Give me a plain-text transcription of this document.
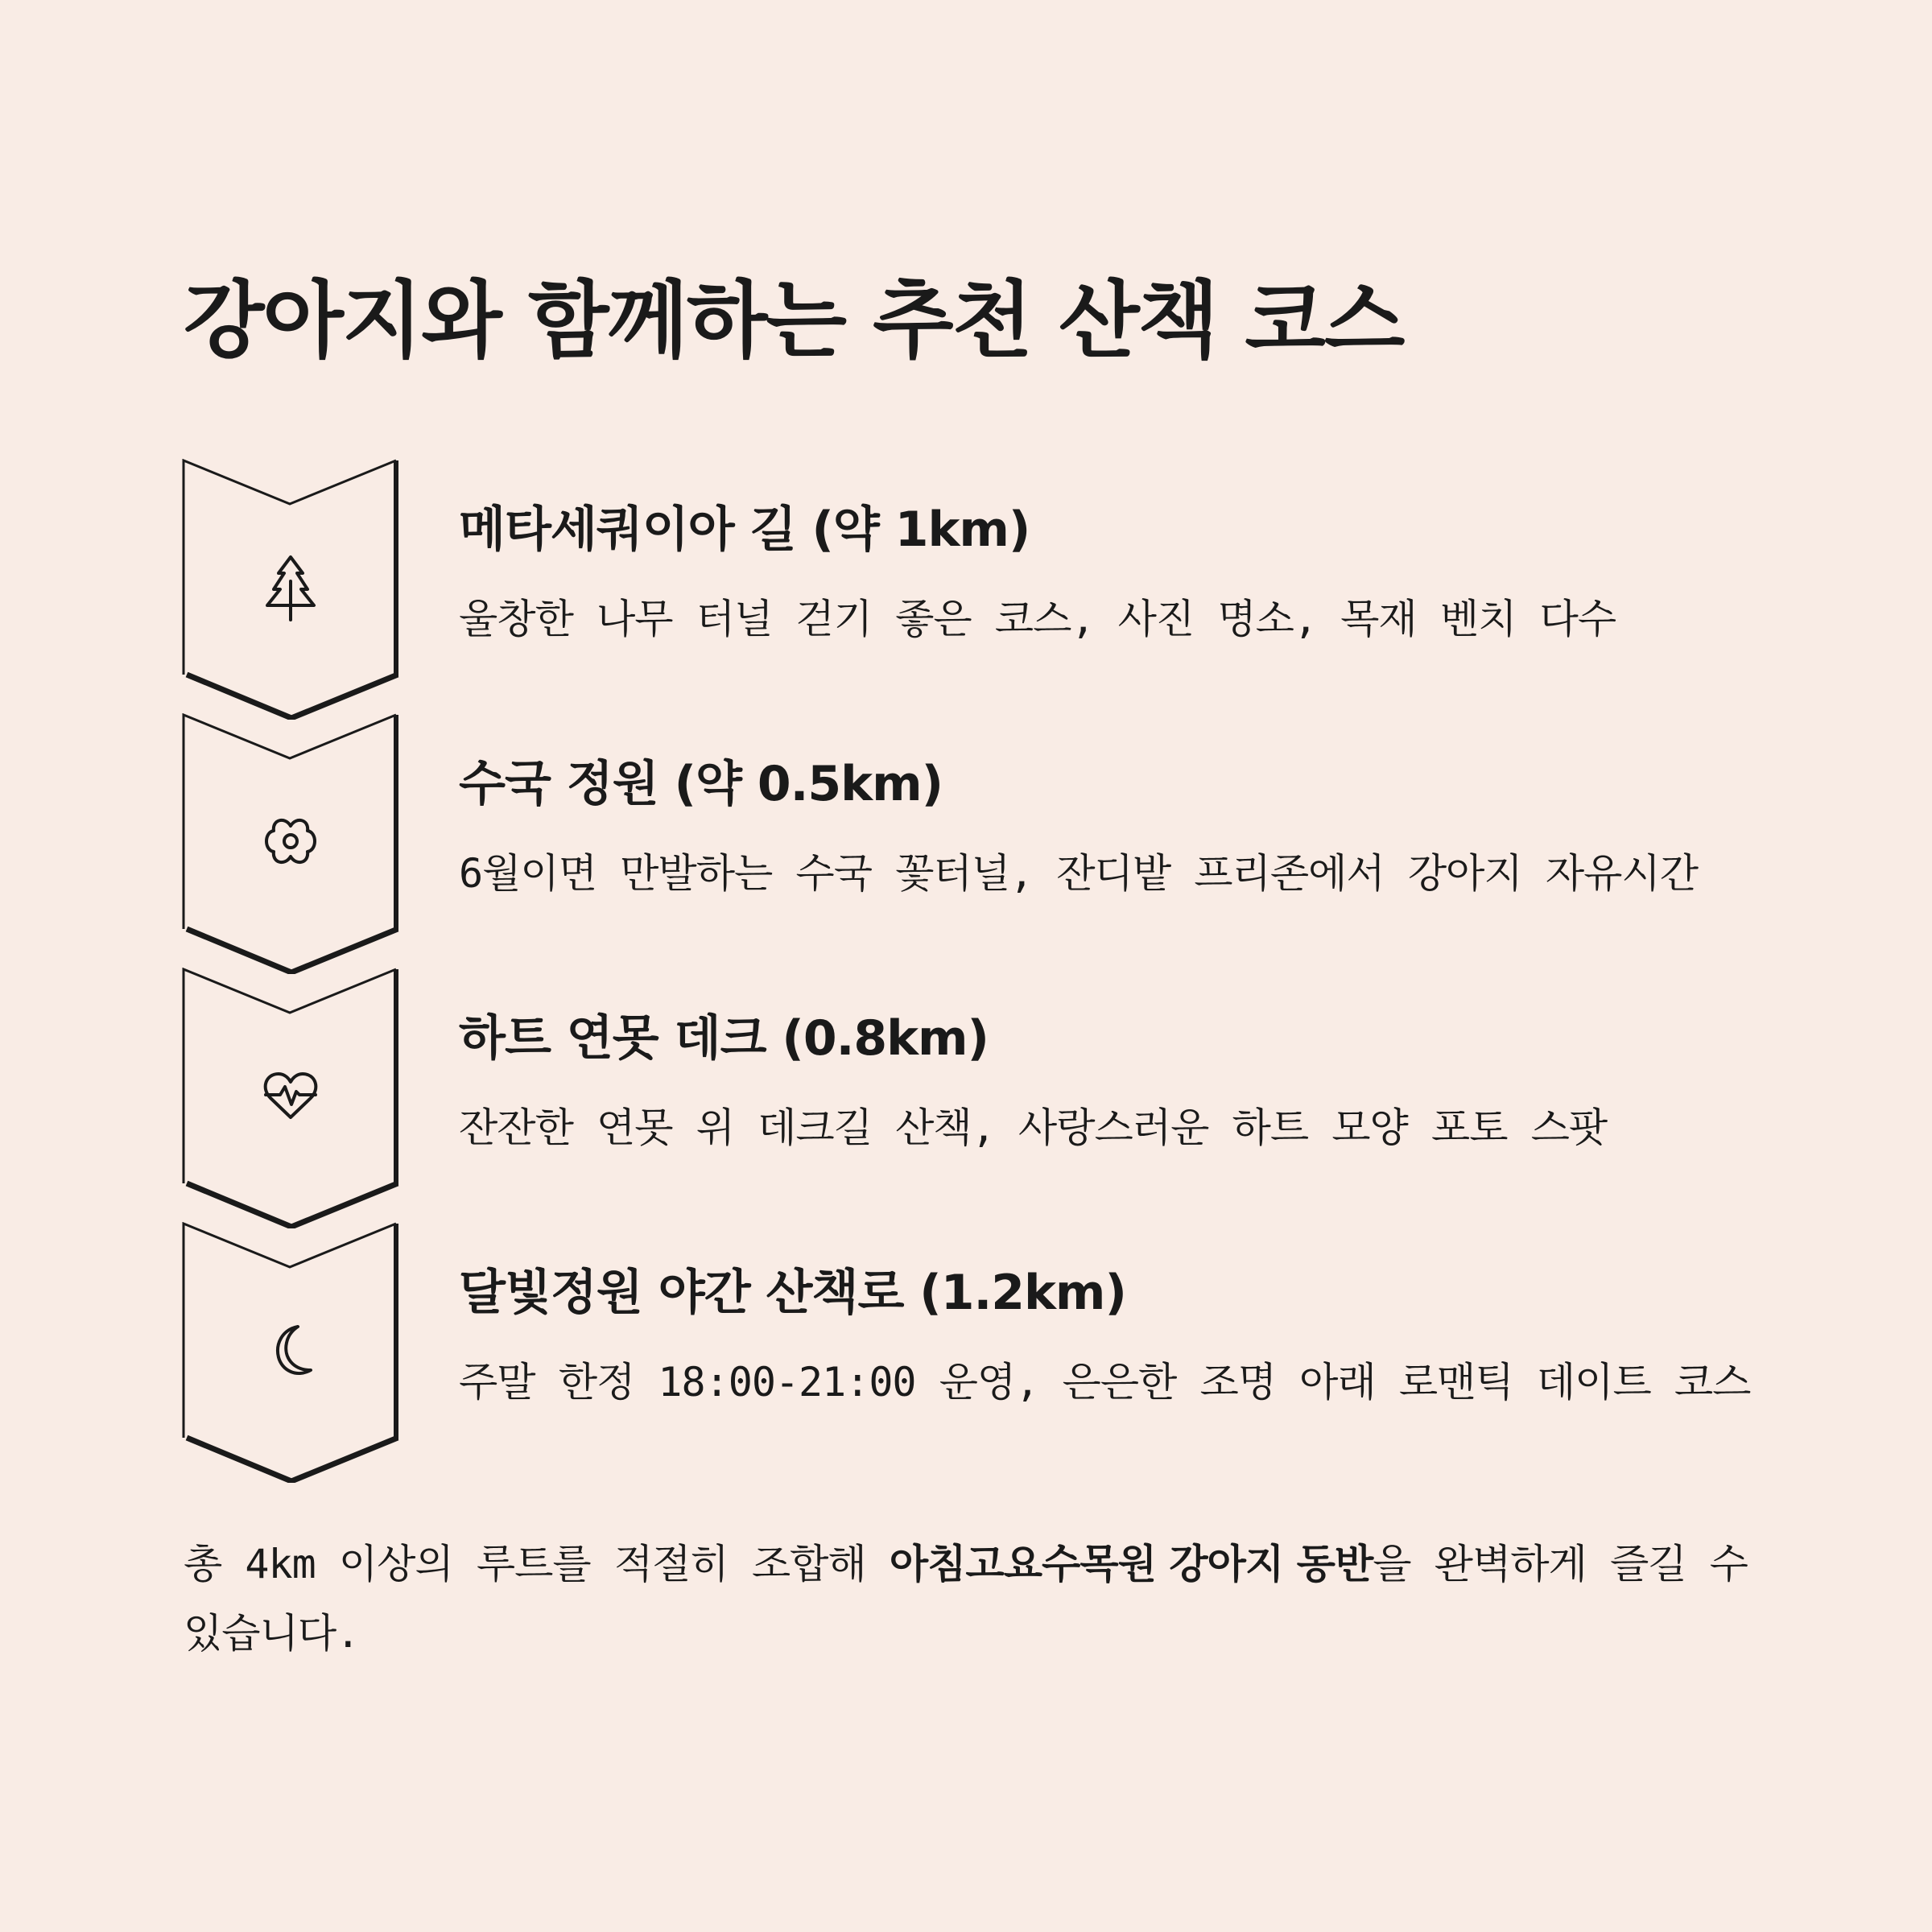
강아지와 함께하는 추천 산책 코스
메타세쿼이아 길 (약 1km)

울창한 나무 터널 걷기 좋은 코스, 사진 명소, 목재 벤치 다수

수국 정원 (약 0.5km)

6월이면 만발하는 수국 꽃터널, 잔디밭 프리존에서 강아지 자유시간

하트 연못 데크 (0.8km)

잔잔한 연못 위 데크길 산책, 사랑스러운 하트 모양 포토 스팟

달빛정원 야간 산책로 (1.2km)

주말 한정 18:00-21:00 운영, 은은한 조명 아래 로맨틱 데이트 코스

총 4km 이상의 루트를 적절히 조합해 아침고요수목원 강아지 동반을 완벽하게 즐길 수 있습니다.
